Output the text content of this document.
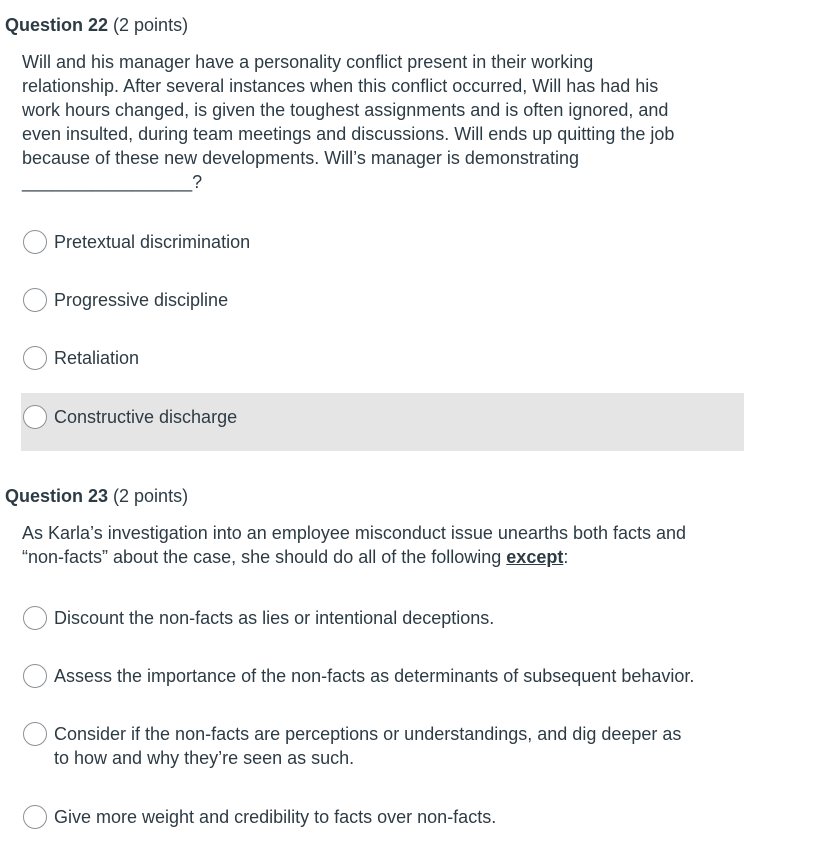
Question 22 (2 points)
Will and his manager have a personality conflict present in their working
relationship. After several instances when this conflict occurred, Will has had his
work hours changed, is given the toughest assignments and is often ignored, and
even insulted, during team meetings and discussions. Will ends up quitting the job
because of these new developments. Will’s manager is demonstrating
_________________?
Pretextual discrimination
Progressive discipline
Retaliation
Constructive discharge
Question 23 (2 points)
As Karla’s investigation into an employee misconduct issue unearths both facts and
“non-facts” about the case, she should do all of the following except:
Discount the non-facts as lies or intentional deceptions.
Assess the importance of the non-facts as determinants of subsequent behavior.
Consider if the non-facts are perceptions or understandings, and dig deeper as
to how and why they’re seen as such.
Give more weight and credibility to facts over non-facts.
